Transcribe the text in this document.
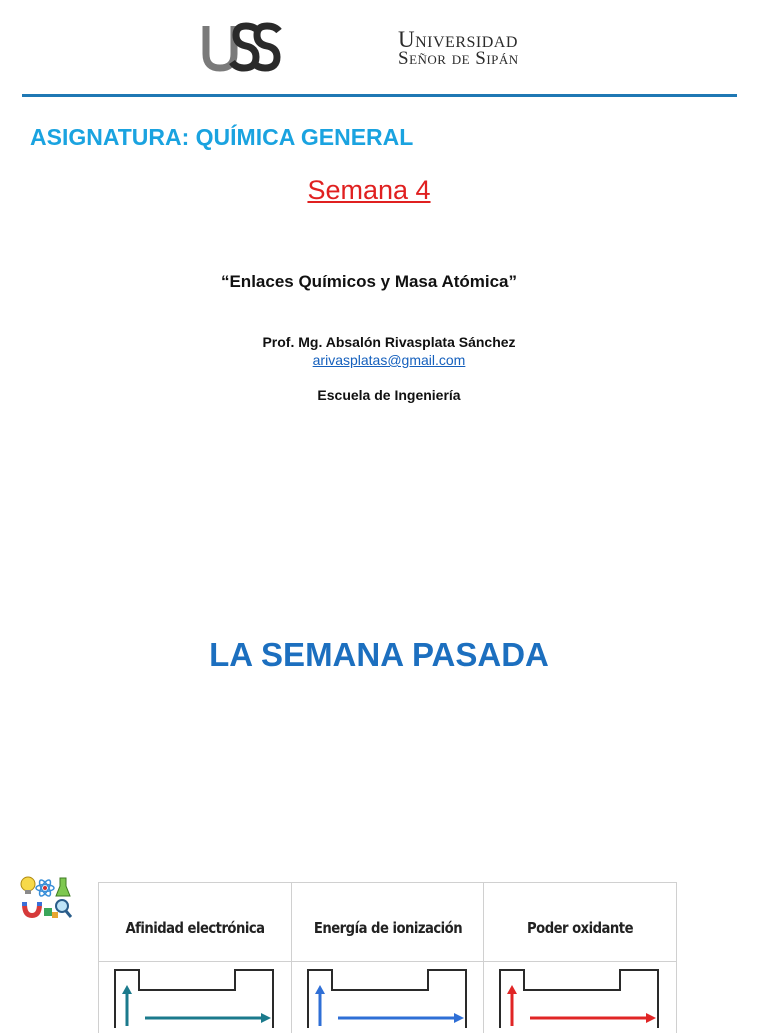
Universidad
Señor de Sipán
ASIGNATURA: QUÍMICA GENERAL
Semana 4
“Enlaces Químicos y Masa Atómica”
Prof. Mg. Absalón Rivasplata Sánchez
arivasplatas@gmail.com
Escuela de Ingeniería
LA SEMANA PASADA
Afinidad electrónica	Energía de ionización	Poder oxidante
